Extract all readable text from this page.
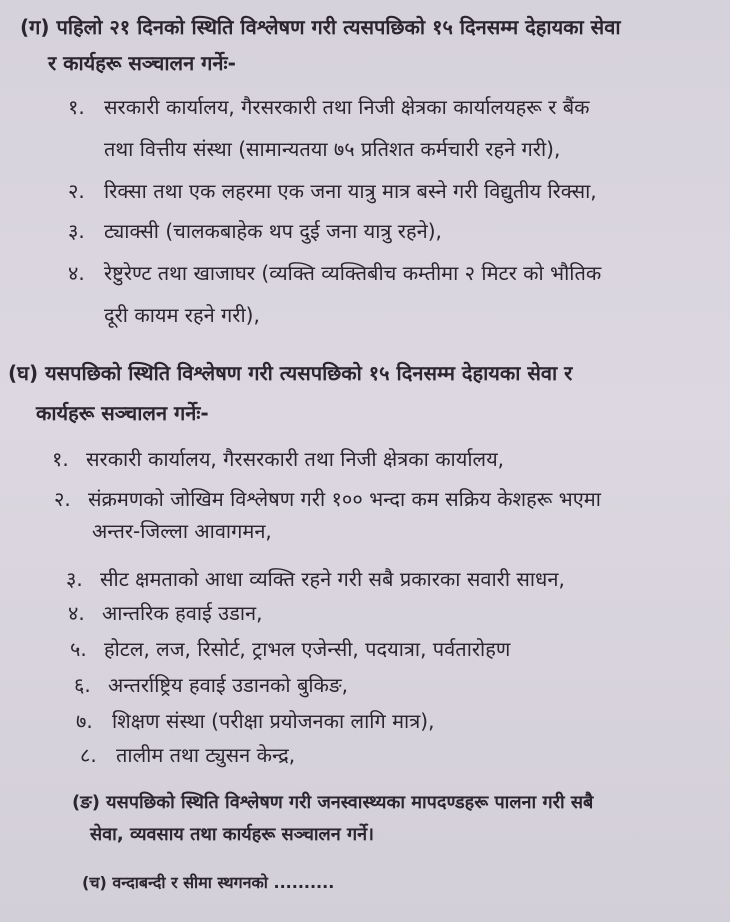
(ग) पहिलो २१ दिनको स्थिति विश्लेषण गरी त्यसपछिको १५ दिनसम्म देहायका सेवा
र कार्यहरू सञ्चालन गर्नेः-
१. सरकारी कार्यालय, गैरसरकारी तथा निजी क्षेत्रका कार्यालयहरू र बैंक
तथा वित्तीय संस्था (सामान्यतया ७५ प्रतिशत कर्मचारी रहने गरी),
२. रिक्सा तथा एक लहरमा एक जना यात्रु मात्र बस्ने गरी विद्युतीय रिक्सा,
३. ट्याक्सी (चालकबाहेक थप दुई जना यात्रु रहने),
४. रेष्टुरेण्ट तथा खाजाघर (व्यक्ति व्यक्तिबीच कम्तीमा २ मिटर को भौतिक
दूरी कायम रहने गरी),
(घ) यसपछिको स्थिति विश्लेषण गरी त्यसपछिको १५ दिनसम्म देहायका सेवा र
कार्यहरू सञ्चालन गर्नेः-
१. सरकारी कार्यालय, गैरसरकारी तथा निजी क्षेत्रका कार्यालय,
२. संक्रमणको जोखिम विश्लेषण गरी १०० भन्दा कम सक्रिय केशहरू भएमा
अन्तर-जिल्ला आवागमन,
३. सीट क्षमताको आधा व्यक्ति रहने गरी सबै प्रकारका सवारी साधन,
४. आन्तरिक हवाई उडान,
५. होटल, लज, रिसोर्ट, ट्राभल एजेन्सी, पदयात्रा, पर्वतारोहण
६. अन्तर्राष्ट्रिय हवाई उडानको बुकिङ,
७. शिक्षण संस्था (परीक्षा प्रयोजनका लागि मात्र),
८. तालीम तथा ट्युसन केन्द्र,
(ङ) यसपछिको स्थिति विश्लेषण गरी जनस्वास्थ्यका मापदण्डहरू पालना गरी सबै
सेवा, व्यवसाय तथा कार्यहरू सञ्चालन गर्ने।
(च) वन्दाबन्दी र सीमा स्थगनको ..........
